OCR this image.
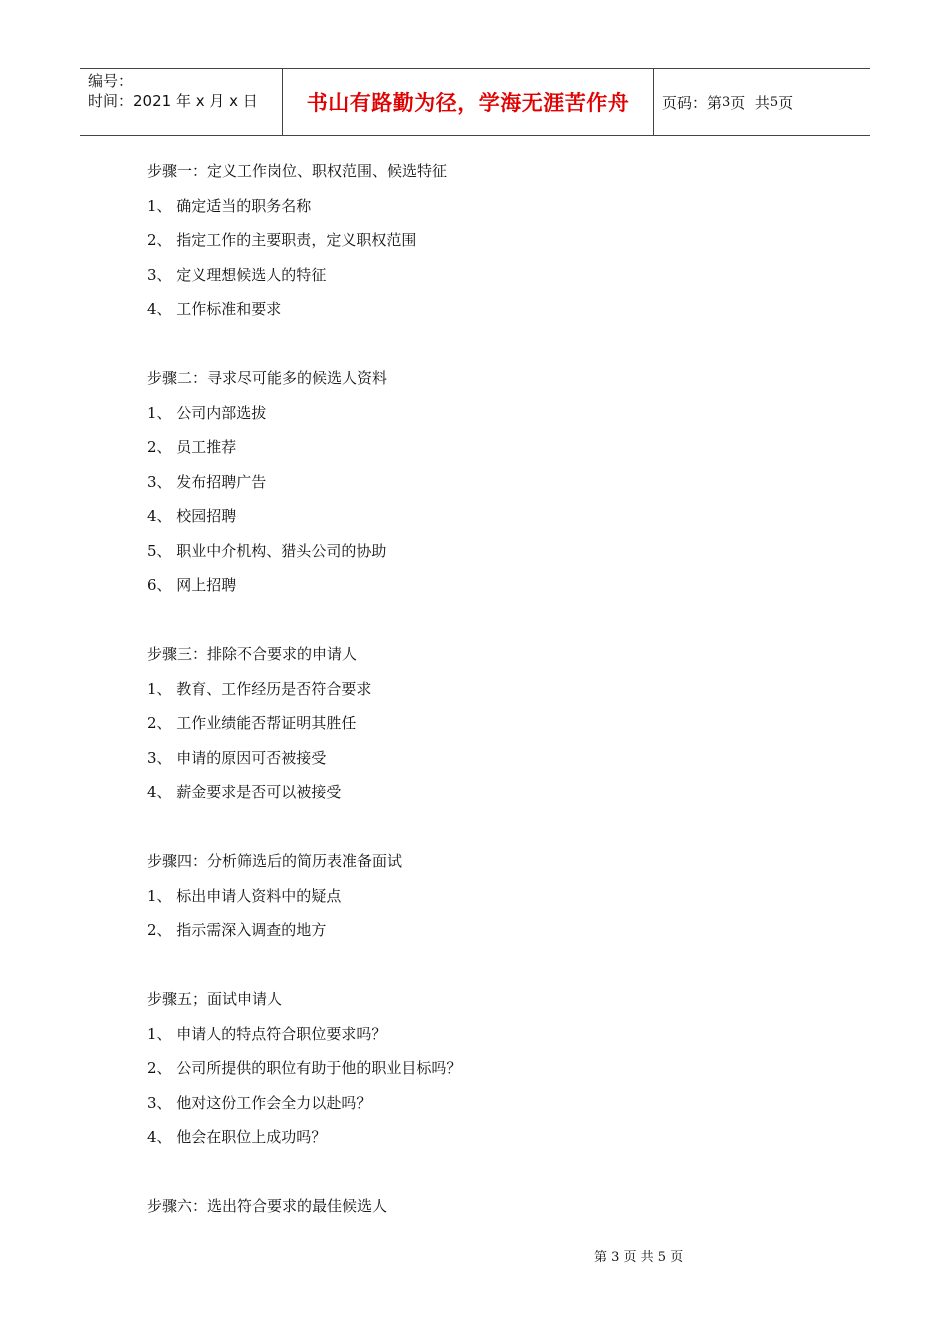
编号：
时间：2021 年 x 月 x 日	书山有路勤为径，学海无涯苦作舟	页码：第 3 页  共 5 页
步骤一：定义工作岗位、职权范围、候选特征
1、 确定适当的职务名称
2、 指定工作的主要职责，定义职权范围
3、 定义理想候选人的特征
4、 工作标准和要求
步骤二：寻求尽可能多的候选人资料
1、 公司内部选拔
2、 员工推荐
3、 发布招聘广告
4、 校园招聘
5、 职业中介机构、猎头公司的协助
6、 网上招聘
步骤三：排除不合要求的申请人
1、 教育、工作经历是否符合要求
2、 工作业绩能否帮证明其胜任
3、 申请的原因可否被接受
4、 薪金要求是否可以被接受
步骤四：分析筛选后的简历表准备面试
1、 标出申请人资料中的疑点
2、 指示需深入调查的地方
步骤五；面试申请人
1、 申请人的特点符合职位要求吗？
2、 公司所提供的职位有助于他的职业目标吗？
3、 他对这份工作会全力以赴吗？
4、 他会在职位上成功吗？
步骤六：选出符合要求的最佳候选人
第 3 页 共 5 页
